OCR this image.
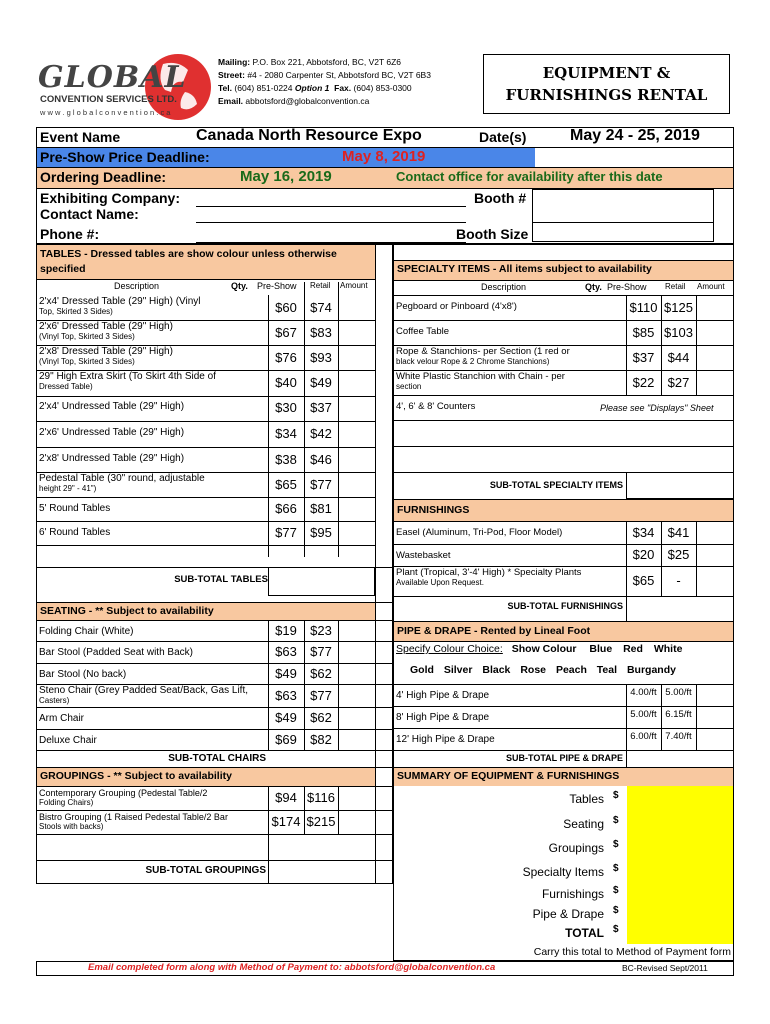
GLOBAL
CONVENTION SERVICES LTD.
w w w . g l o b a l c o n v e n t i o n . c a
Mailing: P.O. Box 221, Abbotsford, BC, V2T 6Z6
Street: #4 - 2080 Carpenter St, Abbotsford BC, V2T 6B3
Tel. (604) 851-0224 Option 1 Fax. (604) 853-0300
Email. abbotsford@globalconvention.ca
EQUIPMENT &
FURNISHINGS RENTAL
Event Name	Canada North Resource Expo	Date(s)	May 24 - 25, 2019
Pre-Show Price Deadline:	May 8, 2019
Ordering Deadline:	May 16, 2019	Contact office for availability after this date
Exhibiting Company:
Contact Name:
Phone #:
Booth #
Booth Size
TABLES - Dressed tables are show colour unless otherwise specified
Description	Qty. Pre-Show Retail Amount
2'x4' Dressed Table (29" High) (Vinyl
Top, Skirted 3 Sides)	$60	$74
2'x6' Dressed Table (29" High)
(Vinyl Top, Skirted 3 Sides)	$67	$83
2'x8' Dressed Table (29" High)
(Vinyl Top, Skirted 3 Sides)	$76	$93
29" High Extra Skirt (To Skirt 4th Side of
Dressed Table)	$40	$49
2'x4' Undressed Table (29" High)	$30	$37
2'x6' Undressed Table (29" High)	$34	$42
2'x8' Undressed Table (29" High)	$38	$46
Pedestal Table (30" round, adjustable
height 29" - 41")	$65	$77
5' Round Tables	$66	$81
6' Round Tables	$77	$95
Folding Chair (White)	$19	$23
Bar Stool (Padded Seat with Back)	$63	$77
Bar Stool (No back)	$49	$62
Steno Chair (Grey Padded Seat/Back, Gas Lift,
Casters)	$63	$77
Arm Chair	$49	$62
Deluxe Chair	$69	$82
Contemporary Grouping (Pedestal Table/2
Folding Chairs)	$94 $116
Bistro Grouping (1 Raised Pedestal Table/2 Bar
Stools with backs)	$174 $215
SUB-TOTAL TABLES
SEATING - ** Subject to availability
SUB-TOTAL CHAIRS
GROUPINGS - ** Subject to availability
SUB-TOTAL GROUPINGS
SPECIALTY ITEMS - All items subject to availability
Description	Qty. Pre-Show Retail Amount
Pegboard or Pinboard (4'x8')	$110 $125
Coffee Table	$85 $103
Rope & Stanchions- per Section (1 red or
black velour Rope & 2 Chrome Stanchions)	$37	$44
White Plastic Stanchion with Chain - per
section	$22	$27
4', 6' & 8' Counters	Please see "Displays" Sheet
SUB-TOTAL SPECIALTY ITEMS
FURNISHINGS
Easel (Aluminum, Tri-Pod, Floor Model)	$34	$41
Wastebasket	$20	$25
Plant (Tropical, 3'-4' High) * Specialty Plants
Available Upon Request.	$65	-
SUB-TOTAL FURNISHINGS
PIPE & DRAPE - Rented by Lineal Foot
Specify Colour Choice: Show Colour Blue Red White
Gold Silver Black Rose Peach Teal Burgandy
4' High Pipe & Drape	4.00/ft 5.00/ft
8' High Pipe & Drape	5.00/ft 6.15/ft
12' High Pipe & Drape	6.00/ft 7.40/ft
SUB-TOTAL PIPE & DRAPE
SUMMARY OF EQUIPMENT & FURNISHINGS
Tables $
Seating $
Groupings $
Specialty Items $
Furnishings $
Pipe & Drape $
TOTAL $
Carry this total to Method of Payment form
Email completed form along with Method of Payment to: abbotsford@globalconvention.ca	BC-Revised Sept/2011
